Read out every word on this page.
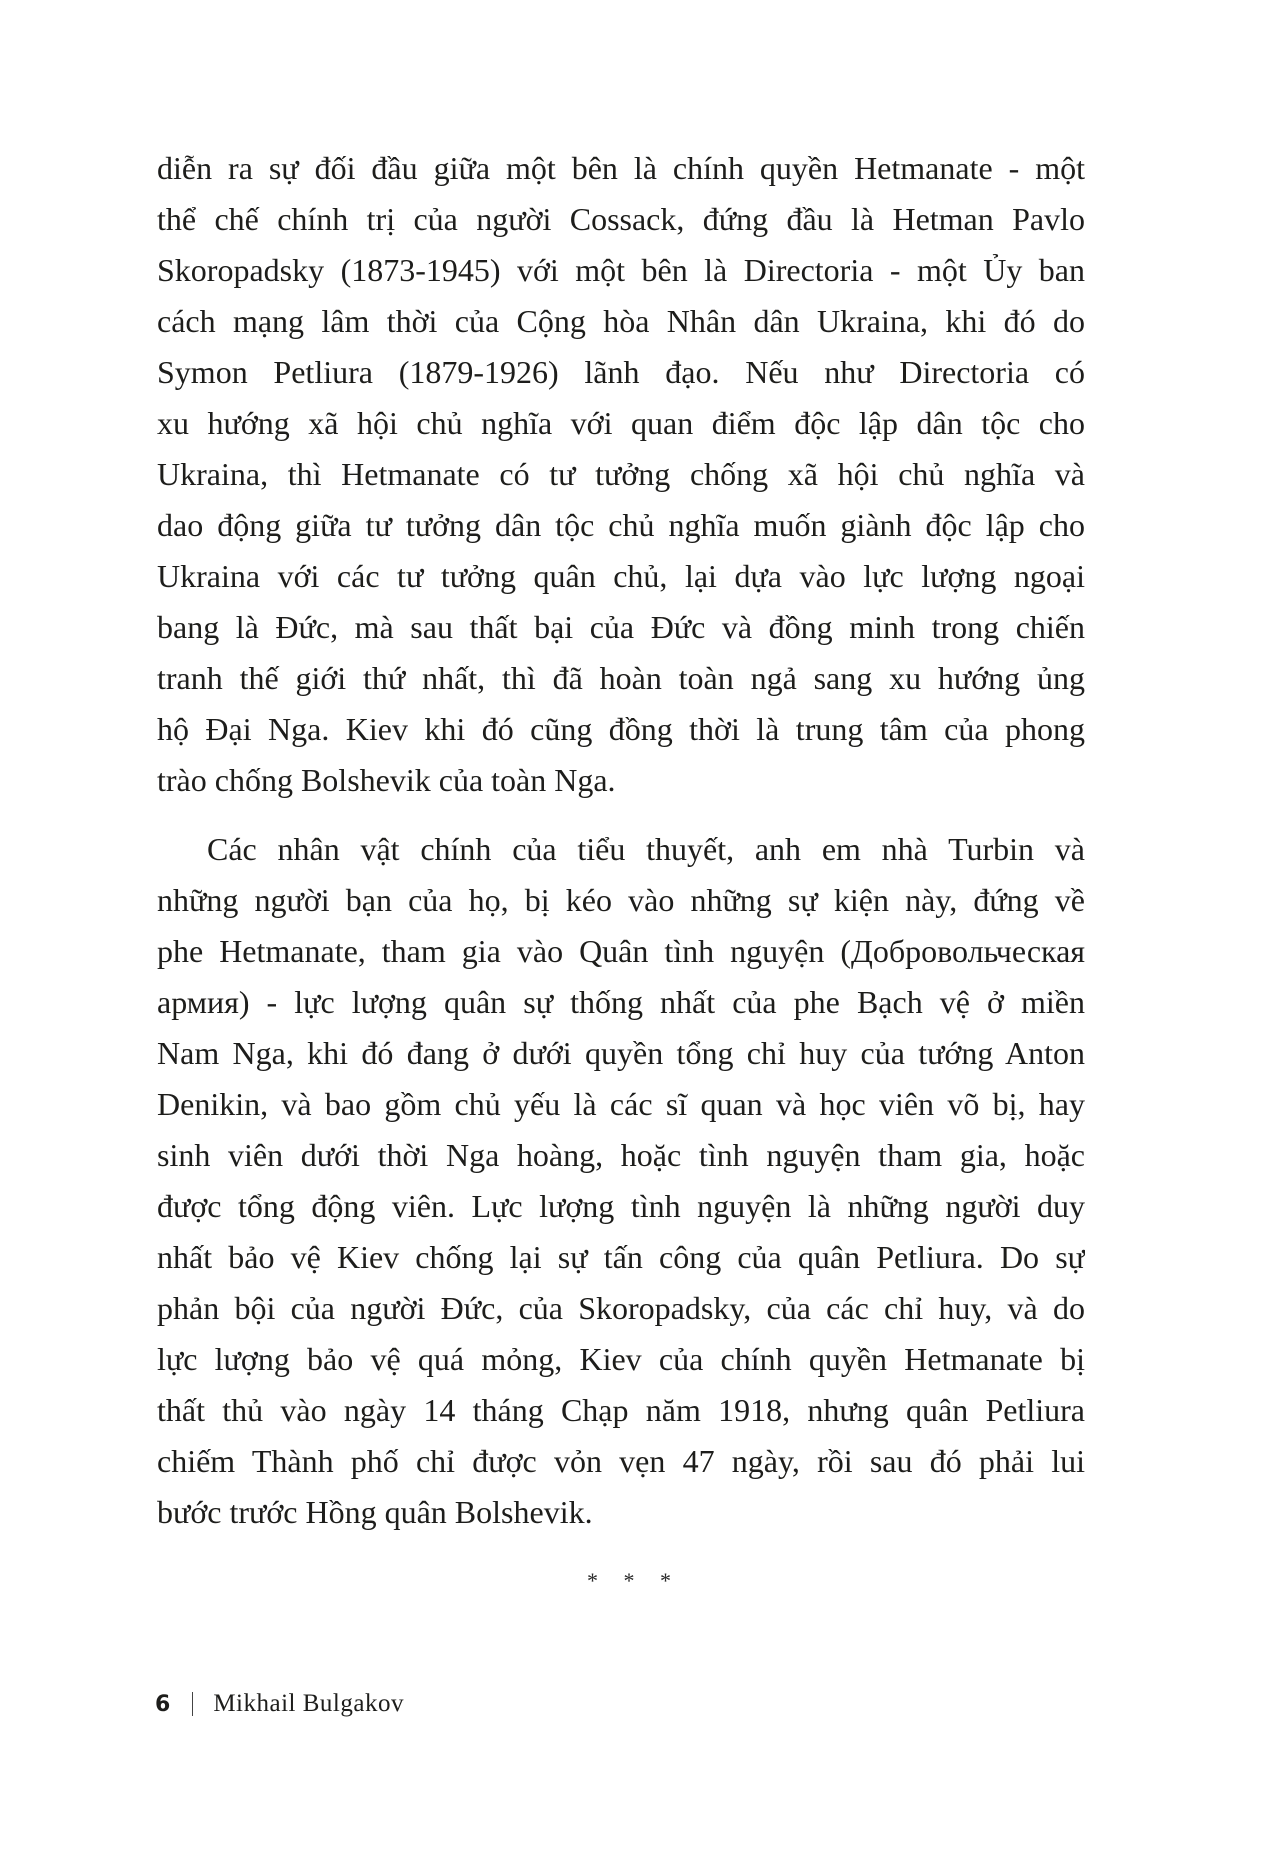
diễn ra sự đối đầu giữa một bên là chính quyền Hetmanate - một
thể chế chính trị của người Cossack, đứng đầu là Hetman Pavlo
Skoropadsky (1873-1945) với một bên là Directoria - một Ủy ban
cách mạng lâm thời của Cộng hòa Nhân dân Ukraina, khi đó do
Symon Petliura (1879-1926) lãnh đạo. Nếu như Directoria có
xu hướng xã hội chủ nghĩa với quan điểm độc lập dân tộc cho
Ukraina, thì Hetmanate có tư tưởng chống xã hội chủ nghĩa và
dao động giữa tư tưởng dân tộc chủ nghĩa muốn giành độc lập cho
Ukraina với các tư tưởng quân chủ, lại dựa vào lực lượng ngoại
bang là Đức, mà sau thất bại của Đức và đồng minh trong chiến
tranh thế giới thứ nhất, thì đã hoàn toàn ngả sang xu hướng ủng
hộ Đại Nga. Kiev khi đó cũng đồng thời là trung tâm của phong
trào chống Bolshevik của toàn Nga.

Các nhân vật chính của tiểu thuyết, anh em nhà Turbin và
những người bạn của họ, bị kéo vào những sự kiện này, đứng về
phe Hetmanate, tham gia vào Quân tình nguyện (Добровольческая
армия) - lực lượng quân sự thống nhất của phe Bạch vệ ở miền
Nam Nga, khi đó đang ở dưới quyền tổng chỉ huy của tướng Anton
Denikin, và bao gồm chủ yếu là các sĩ quan và học viên võ bị, hay
sinh viên dưới thời Nga hoàng, hoặc tình nguyện tham gia, hoặc
được tổng động viên. Lực lượng tình nguyện là những người duy
nhất bảo vệ Kiev chống lại sự tấn công của quân Petliura. Do sự
phản bội của người Đức, của Skoropadsky, của các chỉ huy, và do
lực lượng bảo vệ quá mỏng, Kiev của chính quyền Hetmanate bị
thất thủ vào ngày 14 tháng Chạp năm 1918, nhưng quân Petliura
chiếm Thành phố chỉ được vỏn vẹn 47 ngày, rồi sau đó phải lui
bước trước Hồng quân Bolshevik.

* * *
6 Mikhail Bulgakov
